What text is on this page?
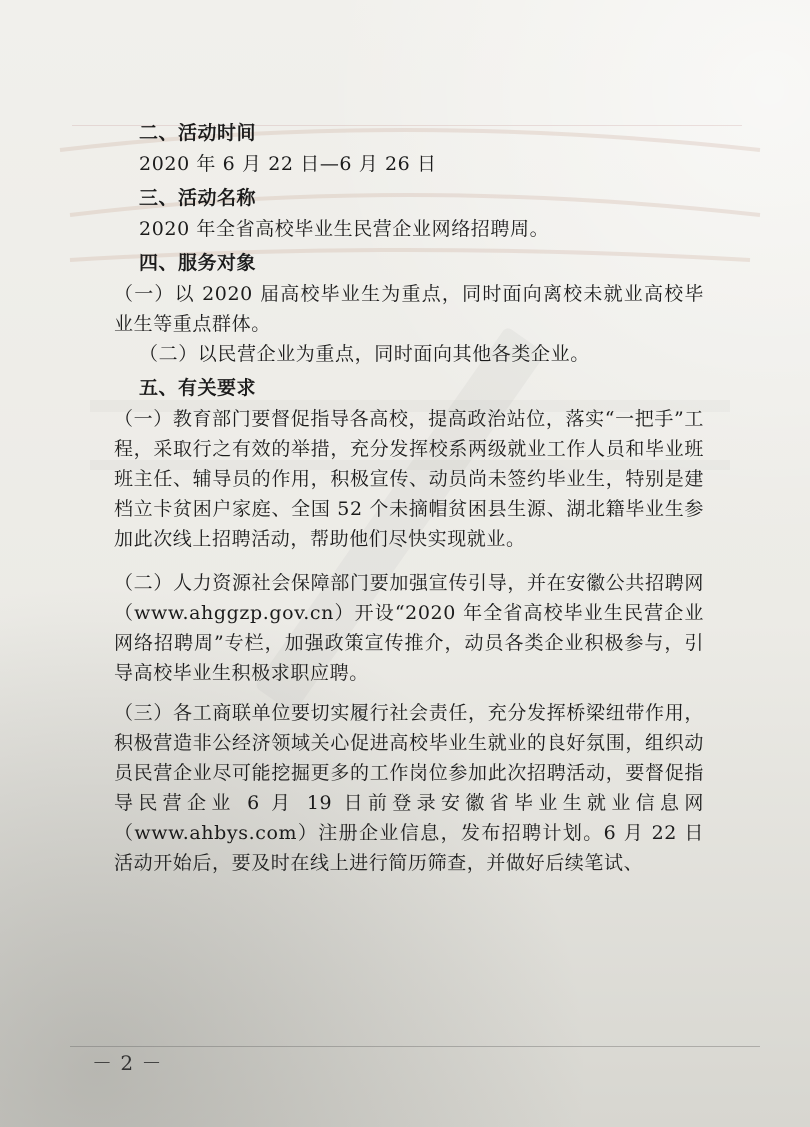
二、活动时间

2020 年 6 月 22 日—6 月 26 日

三、活动名称

2020 年全省高校毕业生民营企业网络招聘周。

四、服务对象

（一）以 2020 届高校毕业生为重点，同时面向离校未就业高校毕业生等重点群体。

（二）以民营企业为重点，同时面向其他各类企业。

五、有关要求

（一）教育部门要督促指导各高校，提高政治站位，落实“一把手”工程，采取行之有效的举措，充分发挥校系两级就业工作人员和毕业班班主任、辅导员的作用，积极宣传、动员尚未签约毕业生，特别是建档立卡贫困户家庭、全国 52 个未摘帽贫困县生源、湖北籍毕业生参加此次线上招聘活动，帮助他们尽快实现就业。

（二）人力资源社会保障部门要加强宣传引导，并在安徽公共招聘网（www.ahggzp.gov.cn）开设“2020 年全省高校毕业生民营企业网络招聘周”专栏，加强政策宣传推介，动员各类企业积极参与，引导高校毕业生积极求职应聘。

（三）各工商联单位要切实履行社会责任，充分发挥桥梁纽带作用，积极营造非公经济领域关心促进高校毕业生就业的良好氛围，组织动员民营企业尽可能挖掘更多的工作岗位参加此次招聘活动，要督促指导民营企业 6 月 19 日前登录安徽省毕业生就业信息网（www.ahbys.com）注册企业信息，发布招聘计划。6 月 22 日活动开始后，要及时在线上进行简历筛查，并做好后续笔试、

－ 2 －
